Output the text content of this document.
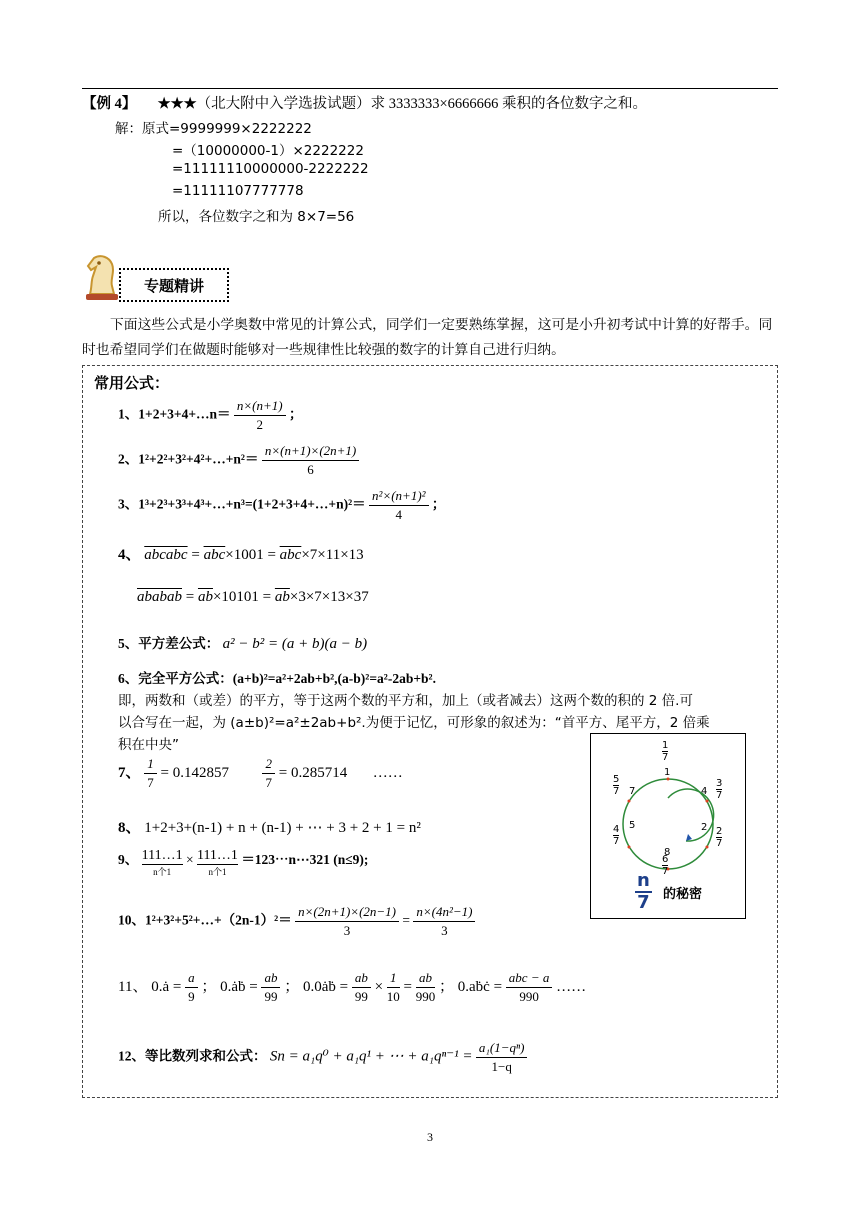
【例 4】 ★★★（北大附中入学选拔试题）求 3333333×6666666 乘积的各位数字之和。
解：原式=9999999×2222222
=（10000000-1）×2222222
=11111110000000-2222222
=11111107777778
所以，各位数字之和为 8×7=56
专题精讲
下面这些公式是小学奥数中常见的计算公式，同学们一定要熟练掌握，这可是小升初考试中计算的好帮手。同时也希望同学们在做题时能够对一些规律性比较强的数字的计算自己进行归纳。
常用公式：
1、1+2+3+4+…n＝ $\frac{n\times(n+1)}{2}$ ；
2、1²+2²+3²+4²+…+n²＝ $\frac{n\times(n+1)\times(2n+1)}{6}$
3、1³+2³+3³+4³+…+n³=(1+2+3+4+…+n)²＝ $\frac{\text{n²×(n+1)²}}{4}$ ；
4、 abcabc = $\overline{abc}\times 1001 = \overline{abc}\times 7\times 11\times 13$
ababab = $\overline{ab}\times 10101 = \overline{ab}\times 3\times 7\times 13\times 37$
5、平方差公式： a² − b² = (a + b)(a − b)
6、完全平方公式：(a+b)²=a²+2ab+b²,(a-b)²=a²-2ab+b².
即，两数和（或差）的平方，等于这两个数的平方和，加上（或者减去）这两个数的积的 2 倍.可
以合写在一起，为 (a±b)²=a²±2ab+b².为便于记忆，可形象的叙述为：“首平方、尾平方，2 倍乘
积在中央”
7、 $\frac{1}{7} = 0.142857$	$\frac{2}{7} = 0.285714$ ……
8、 1+2+3+(n-1) + n + (n-1) + ⋯ + 3 + 2 + 1 = n²
9、 111…1
n个1
× 111…1
n个1
＝123⋯n⋯321 (n≤9);
10、1²+3²+5²+…+（2n-1）²＝ $\frac{n\times(2n+1)\times(2n-1)}{3} = \frac{\text{n×(4n²−1)}}{3}$
11、 0.ȧ = $\frac{a}{9}$ ； 0.ȧḃ = $\frac{ab}{99}$ ； 0.0ȧḃ = $\frac{ab}{99} \times \frac{1}{10} = \frac{ab}{990}$ ； 0.aḃċ = $\frac{\text{abc − a}}{990}$ ……
12、等比数列求和公式： Sn = a₁q⁰ + a₁q¹ + ⋯ + $a_1q^{n-1} = \frac{\text{a₁(1−qⁿ)}}{1-q}$
1
7
3
7
2
7
6
7
4
7
5
7
1
4
2
8
5
7
n
7 的秘密
3
